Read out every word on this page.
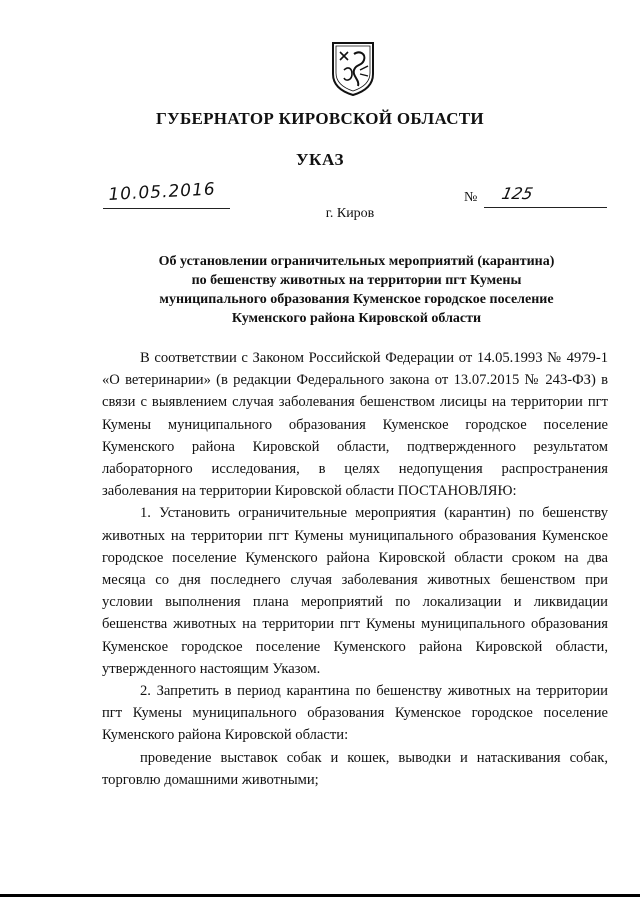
ГУБЕРНАТОР КИРОВСКОЙ ОБЛАСТИ
УКАЗ
10.05.2016	№ 125
г. Киров
Об установлении ограничительных мероприятий (карантина)
по бешенству животных на территории пгт Кумены
муниципального образования Куменское городское поселение
Куменского района Кировской области

В соответствии с Законом Российской Федерации от 14.05.1993 № 4979-1 «О ветеринарии» (в редакции Федерального закона от 13.07.2015 № 243-ФЗ) в связи с выявлением случая заболевания бешенством лисицы на территории пгт Кумены муниципального образования Куменское городское поселение Куменского района Кировской области, подтвержденного результатом лабораторного исследования, в целях недопущения распространения заболевания на территории Кировской области ПОСТАНОВЛЯЮ:

1. Установить ограничительные мероприятия (карантин) по бешенству животных на территории пгт Кумены муниципального образования Куменское городское поселение Куменского района Кировской области сроком на два месяца со дня последнего случая заболевания животных бешенством при условии выполнения плана мероприятий по локализации и ликвидации бешенства животных на территории пгт Кумены муниципального образования Куменское городское поселение Куменского района Кировской области, утвержденного настоящим Указом.

2. Запретить в период карантина по бешенству животных на территории пгт Кумены муниципального образования Куменское городское поселение Куменского района Кировской области:

проведение выставок собак и кошек, выводки и натаскивания собак, торговлю домашними животными;
